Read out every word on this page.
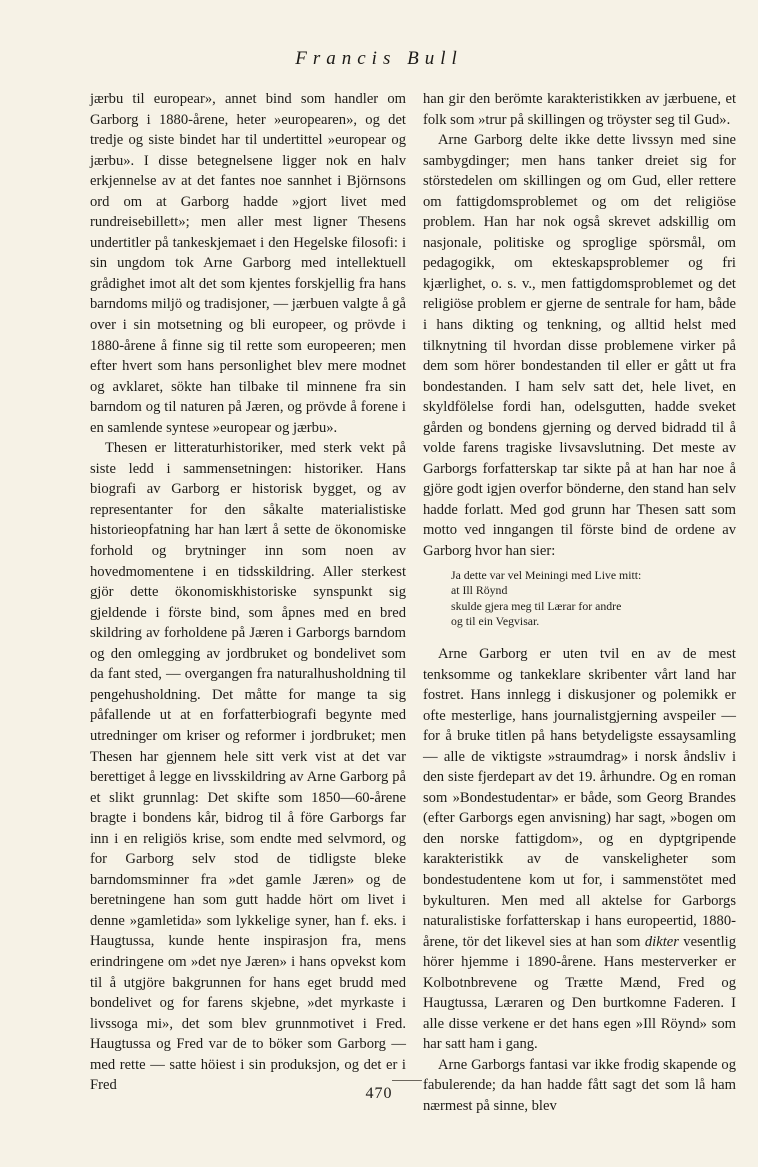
Francis Bull

jærbu til europear», annet bind som handler om Garborg i 1880-årene, heter »europearen», og det tredje og siste bindet har til undertittel »europear og jærbu». I disse betegnelsene ligger nok en halv erkjennelse av at det fantes noe sannhet i Björnsons ord om at Garborg hadde »gjort livet med rundreisebillett»; men aller mest ligner Thesens undertitler på tankeskjemaet i den Hegelske filosofi: i sin ungdom tok Arne Garborg med intellektuell grådighet imot alt det som kjentes forskjellig fra hans barndoms miljö og tradisjoner, — jærbuen valgte å gå over i sin motsetning og bli europeer, og prövde i 1880-årene å finne sig til rette som europeeren; men efter hvert som hans personlighet blev mere modnet og avklaret, sökte han tilbake til minnene fra sin barndom og til naturen på Jæren, og prövde å forene i en samlende syntese »europear og jærbu».

Thesen er litteraturhistoriker, med sterk vekt på siste ledd i sammensetningen: historiker. Hans biografi av Garborg er historisk bygget, og av representanter for den såkalte materialistiske historieopfatning har han lært å sette de ökonomiske forhold og brytninger inn som noen av hovedmomentene i en tidsskildring. Aller sterkest gjör dette ökonomiskhistoriske synspunkt sig gjeldende i förste bind, som åpnes med en bred skildring av forholdene på Jæren i Garborgs barndom og den omlegging av jordbruket og bondelivet som da fant sted, — overgangen fra naturalhusholdning til pengehusholdning. Det måtte for mange ta sig påfallende ut at en forfatterbiografi begynte med utredninger om kriser og reformer i jordbruket; men Thesen har gjennem hele sitt verk vist at det var berettiget å legge en livsskildring av Arne Garborg på et slikt grunnlag: Det skifte som 1850—60-årene bragte i bondens kår, bidrog til å före Garborgs far inn i en religiös krise, som endte med selvmord, og for Garborg selv stod de tidligste bleke barndomsminner fra »det gamle Jæren» og de beretningene han som gutt hadde hört om livet i denne »gamletida» som lykkelige syner, han f. eks. i Haugtussa, kunde hente inspirasjon fra, mens erindringene om »det nye Jæren» i hans opvekst kom til å utgjöre bakgrunnen for hans eget brudd med bondelivet og for farens skjebne, »det myrkaste i livssoga mi», det som blev grunnmotivet i Fred. Haugtussa og Fred var de to böker som Garborg — med rette — satte höiest i sin produksjon, og det er i Fred

han gir den berömte karakteristikken av jærbuene, et folk som »trur på skillingen og tröyster seg til Gud».

Arne Garborg delte ikke dette livssyn med sine sambygdinger; men hans tanker dreiet sig for störstedelen om skillingen og om Gud, eller rettere om fattigdomsproblemet og om det religiöse problem. Han har nok også skrevet adskillig om nasjonale, politiske og sproglige spörsmål, om pedagogikk, om ekteskapsproblemer og fri kjærlighet, o. s. v., men fattigdomsproblemet og det religiöse problem er gjerne de sentrale for ham, både i hans dikting og tenkning, og alltid helst med tilknytning til hvordan disse problemene virker på dem som hörer bondestanden til eller er gått ut fra bondestanden. I ham selv satt det, hele livet, en skyldfölelse fordi han, odelsgutten, hadde sveket gården og bondens gjerning og derved bidradd til å volde farens tragiske livsavslutning. Det meste av Garborgs forfatterskap tar sikte på at han har noe å gjöre godt igjen overfor bönderne, den stand han selv hadde forlatt. Med god grunn har Thesen satt som motto ved inngangen til förste bind de ordene av Garborg hvor han sier:

Ja dette var vel Meiningi med Live mitt:
at Ill Röynd
skulde gjera meg til Lærar for andre
og til ein Vegvisar.

Arne Garborg er uten tvil en av de mest tenksomme og tankeklare skribenter vårt land har fostret. Hans innlegg i diskusjoner og polemikk er ofte mesterlige, hans journalistgjerning avspeiler — for å bruke titlen på hans betydeligste essaysamling — alle de viktigste »straumdrag» i norsk åndsliv i den siste fjerdepart av det 19. århundre. Og en roman som »Bondestudentar» er både, som Georg Brandes (efter Garborgs egen anvisning) har sagt, »bogen om den norske fattigdom», og en dyptgripende karakteristikk av de vanskeligheter som bondestudentene kom ut for, i sammenstötet med bykulturen. Men med all aktelse for Garborgs naturalistiske forfatterskap i hans europeertid, 1880-årene, tör det likevel sies at han som dikter vesentlig hörer hjemme i 1890-årene. Hans mesterverker er Kolbotnbrevene og Trætte Mænd, Fred og Haugtussa, Læraren og Den burtkomne Faderen. I alle disse verkene er det hans egen »Ill Röynd» som har satt ham i gang.

Arne Garborgs fantasi var ikke frodig skapende og fabulerende; da han hadde fått sagt det som lå ham nærmest på sinne, blev

470
